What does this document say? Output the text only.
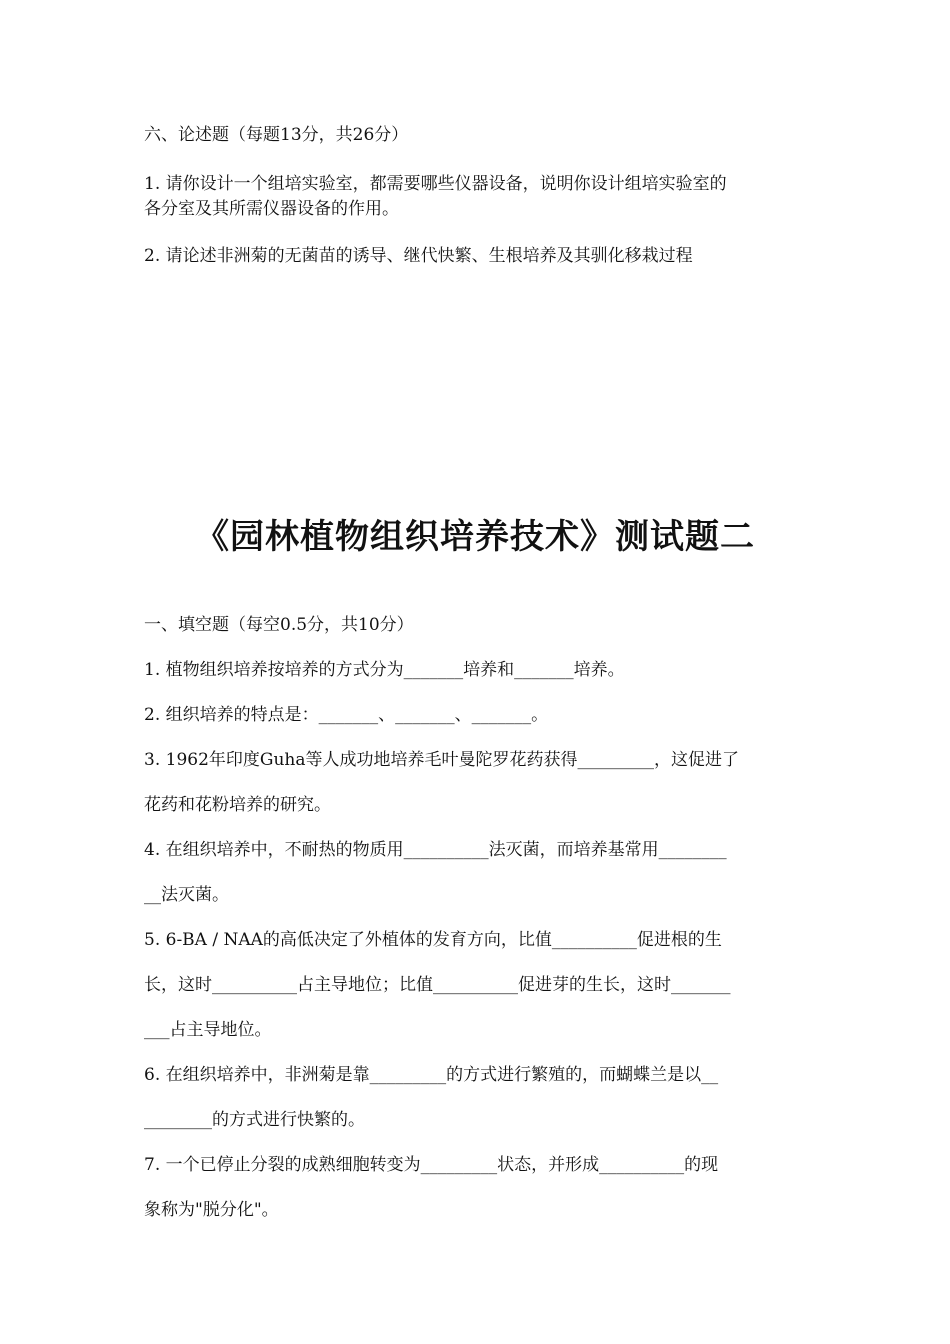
六、论述题（每题13分，共26分）
1. 请你设计一个组培实验室，都需要哪些仪器设备，说明你设计组培实验室的
各分室及其所需仪器设备的作用。
2. 请论述非洲菊的无菌苗的诱导、继代快繁、生根培养及其驯化移栽过程
《园林植物组织培养技术》测试题二
一、填空题（每空0.5分，共10分）
1. 植物组织培养按培养的方式分为_______培养和_______培养。
2. 组织培养的特点是：_______、_______、_______。
3. 1962年印度Guha等人成功地培养毛叶曼陀罗花药获得_________，这促进了
花药和花粉培养的研究。
4. 在组织培养中，不耐热的物质用__________法灭菌，而培养基常用________
__法灭菌。
5. 6-BA / NAA的高低决定了外植体的发育方向，比值__________促进根的生
长，这时__________占主导地位；比值__________促进芽的生长，这时_______
___占主导地位。
6. 在组织培养中，非洲菊是靠_________的方式进行繁殖的，而蝴蝶兰是以__
________的方式进行快繁的。
7. 一个已停止分裂的成熟细胞转变为_________状态，并形成__________的现
象称为"脱分化"。
